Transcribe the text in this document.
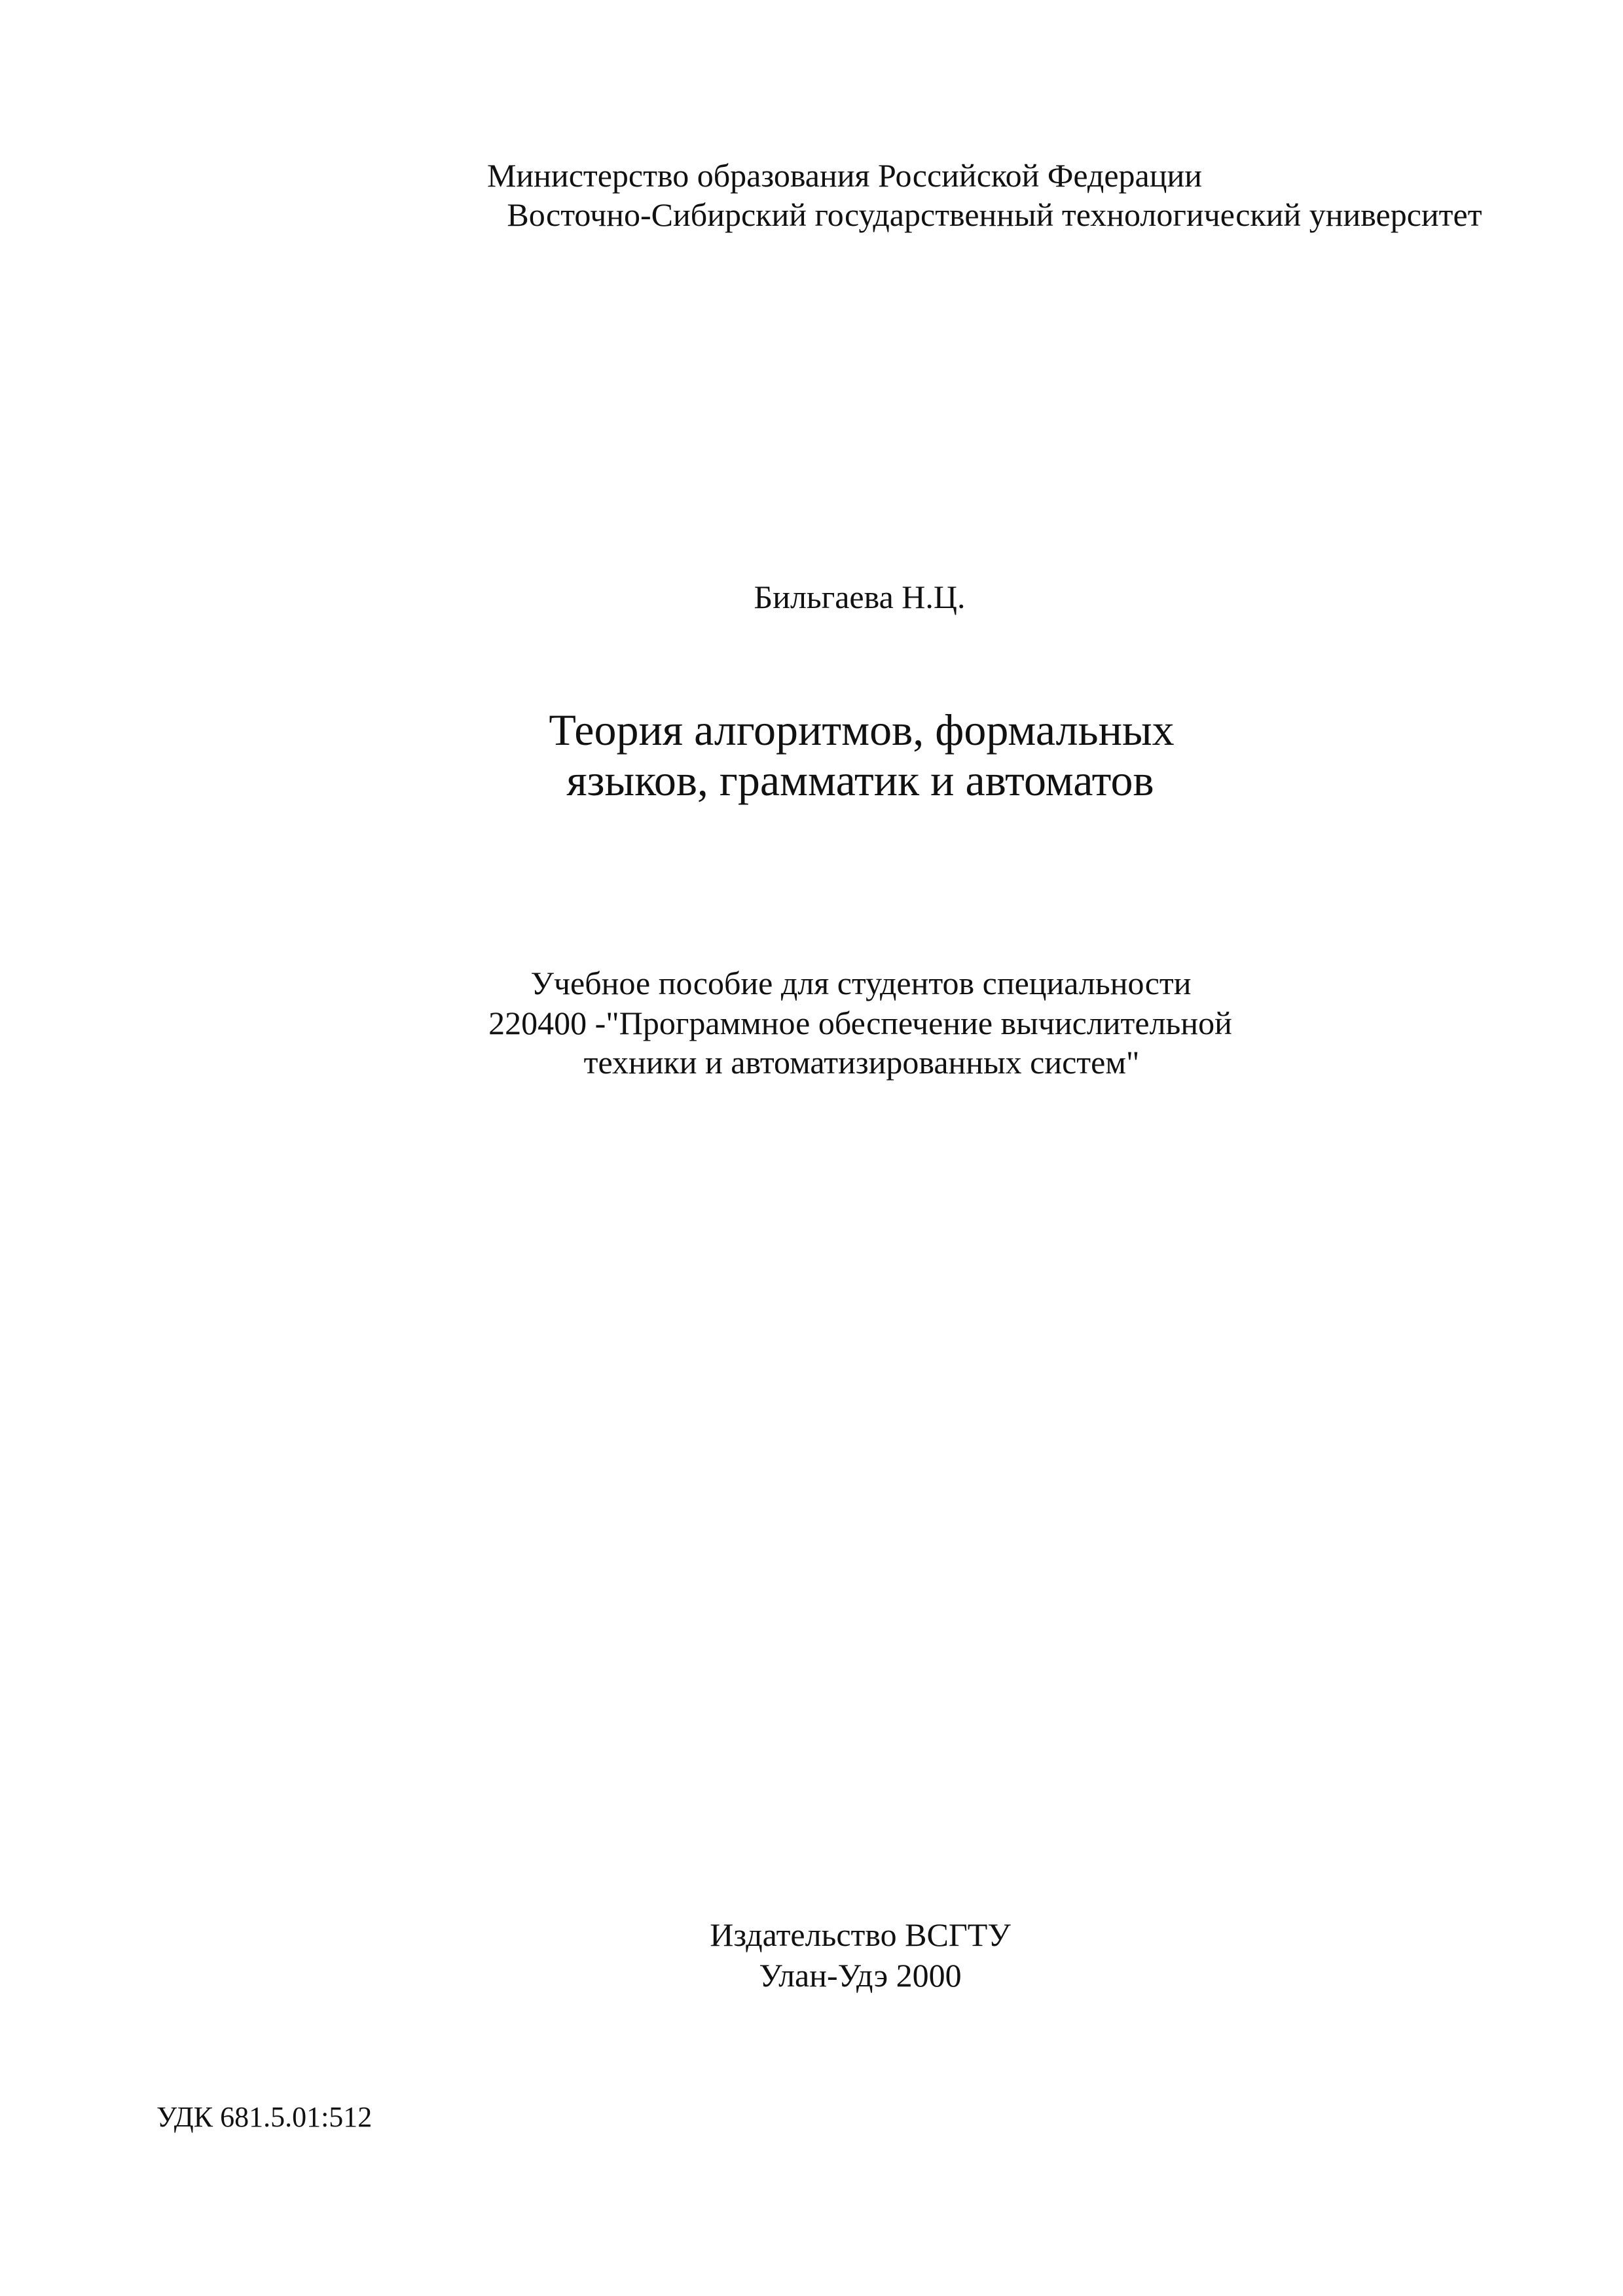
Министерство образования Российской Федерации
Восточно-Сибирский государственный технологический университет
Бильгаева Н.Ц.
Теория алгоритмов, формальных
языков, грамматик и автоматов
Учебное пособие для студентов специальности
220400 -"Программное обеспечение вычислительной
техники и автоматизированных систем"
Издательство ВСГТУ
Улан-Удэ 2000
УДК 681.5.01:512
